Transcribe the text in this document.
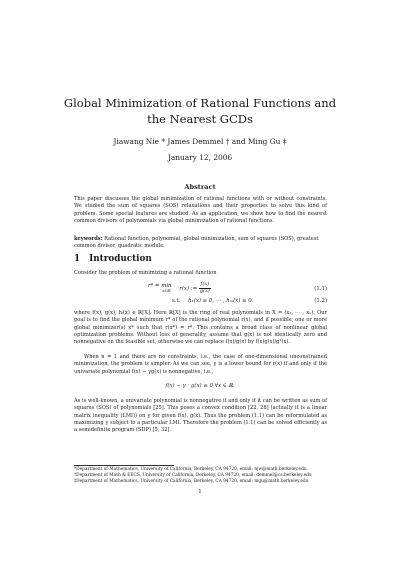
Global Minimization of Rational Functions and
the Nearest GCDs
Jiawang Nie * James Demmel † and Ming Gu ‡
January 12, 2006
Abstract
This paper discusses the global minimization of rational functions with or without constraints. We studied the sum of squares (SOS) relaxations and their properties to solve this kind of problem. Some special features are studied. As an application, we show how to find the nearest common divisors of polynomials via global minimization of rational functions.
keywords: Rational function, polynomial, global minimization, sum of squares (SOS), greatest common divisor, quadratic module.
1 Introduction
Consider the problem of minimizing a rational function
r* = min
x∈ℝⁿ r(x) := $\frac{f(x)}{g(x)}$	(1.1)
s.t. h₁(x) ≥ 0, ⋯ , hₘ(x) ≥ 0.	(1.2)
where f(x), g(x), hᵢ(x) ∈ ℝ[X]. Here ℝ[X] is the ring of real polynomials in X = (x₁, ⋯ , xₙ). Our goal is to find the global minimum r* of the rational polynomial r(x), and if possible, one or more global minimizer(s) x* such that r(x*) = r*. This contains a broad class of nonlinear global optimization problems. Without loss of generality, assume that g(x) is not identically zero and nonnegative on the feasible set, otherwise we can replace f(x)/g(x) by f(x)g(x)/g²(x).
When n = 1 and there are no constraints, i.e., the case of one-dimensional unconstrained minimization, the problem is simpler. As we can see, γ is a lower bound for r(x) if and only if the univariate polynomial f(x) − γg(x) is nonnegative, i.e.,
f(x) − γ · g(x) ≥ 0 ∀x ∈ ℝ.
As is well-known, a univariate polynomial is nonnegative if and only if it can be written as sum of squares (SOS) of polynomials [25]. This poses a convex condition [22, 28] (actually it is a linear matrix inequality (LMI)) on γ for given f(x), g(x). Thus the problem (1.1) can be reformulated as maximizing γ subject to a particular LMI. Therefore the problem (1.1) can be solved efficiently as a semidefinite program (SDP) [5, 32].
*Department of Mathematics, University of California, Berkeley, CA 94720, email: njw@math.berkeley.edu
†Department of Math & EECS, University of California, Berkeley, CA 94720, email: demmel@cs.berkeley.edu
‡Department of Mathematics, University of California, Berkeley, CA 94720, email: mgu@math.berkeley.edu
1
